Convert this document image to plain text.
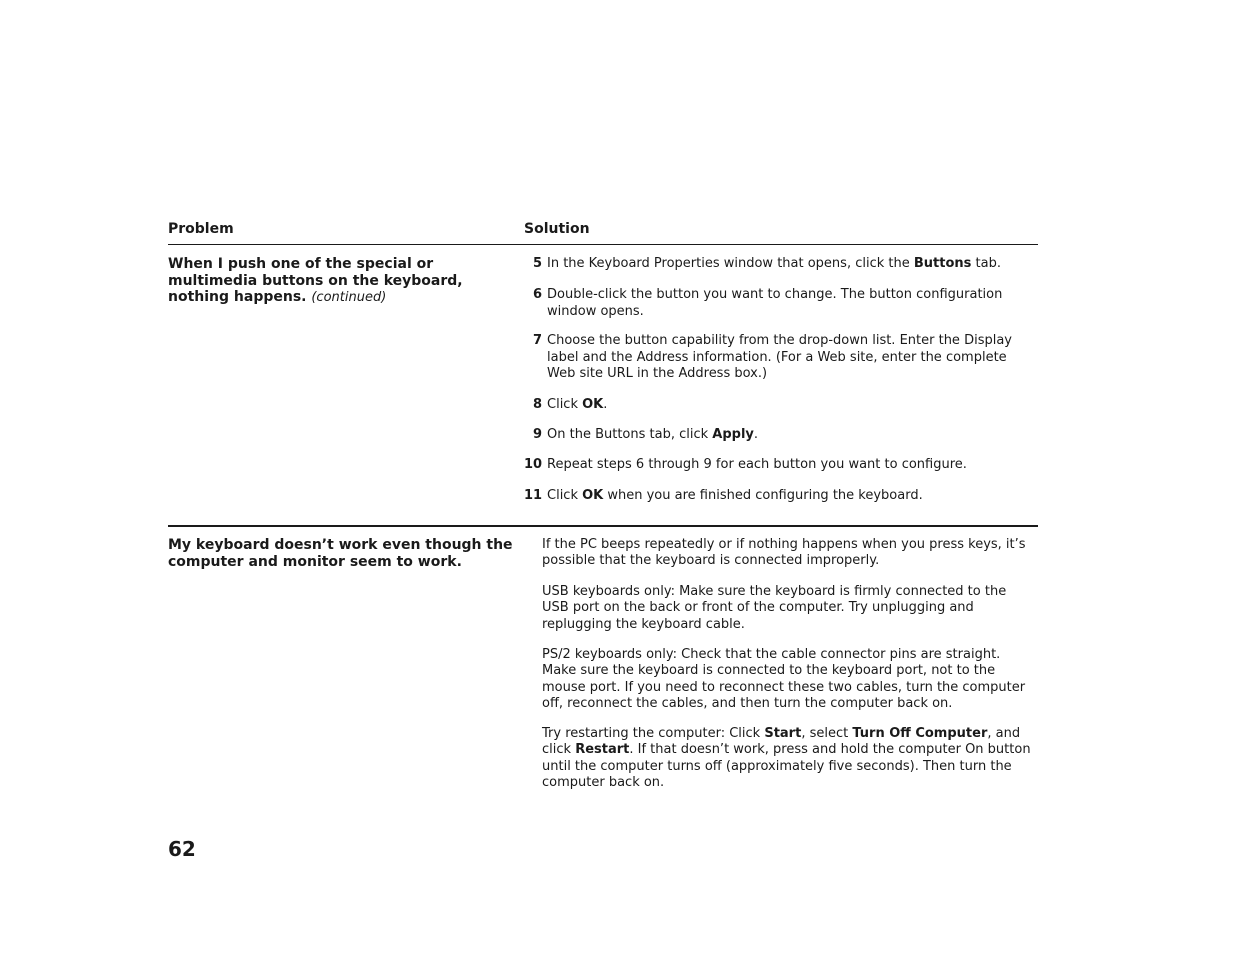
Problem	Solution
When I push one of the special or multimedia buttons on the keyboard, nothing happens. (continued)
5 In the Keyboard Properties window that opens, click the Buttons tab.
6 Double-click the button you want to change. The button configuration window opens.
7 Choose the button capability from the drop-down list. Enter the Display label and the Address information. (For a Web site, enter the complete Web site URL in the Address box.)
8 Click OK.
9 On the Buttons tab, click Apply.
10 Repeat steps 6 through 9 for each button you want to configure.
11 Click OK when you are finished configuring the keyboard.
My keyboard doesn’t work even though the computer and monitor seem to work.
If the PC beeps repeatedly or if nothing happens when you press keys, it’s possible that the keyboard is connected improperly.
USB keyboards only: Make sure the keyboard is firmly connected to the USB port on the back or front of the computer. Try unplugging and replugging the keyboard cable.
PS/2 keyboards only: Check that the cable connector pins are straight. Make sure the keyboard is connected to the keyboard port, not to the mouse port. If you need to reconnect these two cables, turn the computer off, reconnect the cables, and then turn the computer back on.
Try restarting the computer: Click Start, select Turn Off Computer, and click Restart. If that doesn’t work, press and hold the computer On button until the computer turns off (approximately five seconds). Then turn the computer back on.
62
